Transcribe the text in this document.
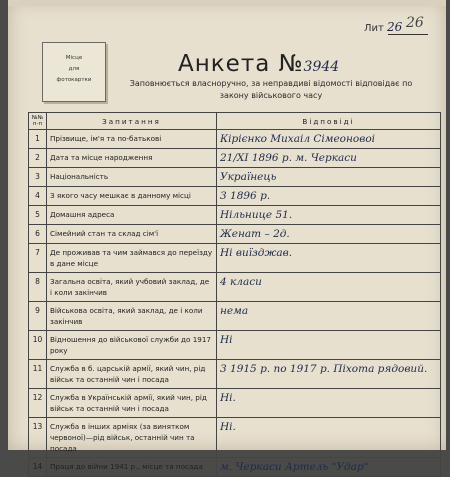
Місце
для
фотокартки
Лит 26 26
Анкета №3944
Заповнюється власноручно, за неправдиві відомості відповідає по закону військового часу
№№ п-п	Запитання	Відповіді
1	Прізвище, ім'я та по-батькові	Кірієнко Михаіл Сімеоновоі
2	Дата та місце народження	21/XI 1896 р. м. Черкаси
3	Національність	Українець
4	З якого часу мешкає в данному місці	3 1896 р.
5	Домашня адреса	Нільнице 51.
6	Сімейний стан та склад сім'ї	Женат – 2д.
7	Де проживав та чим займався до переїзду в дане місце	Ні виїзджав.
8	Загальна освіта, який учбовий заклад, де і коли закінчив	4 класи
9	Військова освіта, який заклад, де і коли закінчив	нема
10	Відношення до військової служби до 1917 року	Ні
11	Служба в б. царській армії, який чин, рід військ та останній чин і посада	3 1915 р. по 1917 р. Піхота рядовий.
12	Служба в Українській армії, який чин, рід військ та останній чин і посада	Ні.
13	Служба в інших арміях (за винятком червоної)—рід військ, останній чин та посада	Ні.
14	Праця до війни 1941 р., місце та посада	м. Черкаси Артель "Удар"
